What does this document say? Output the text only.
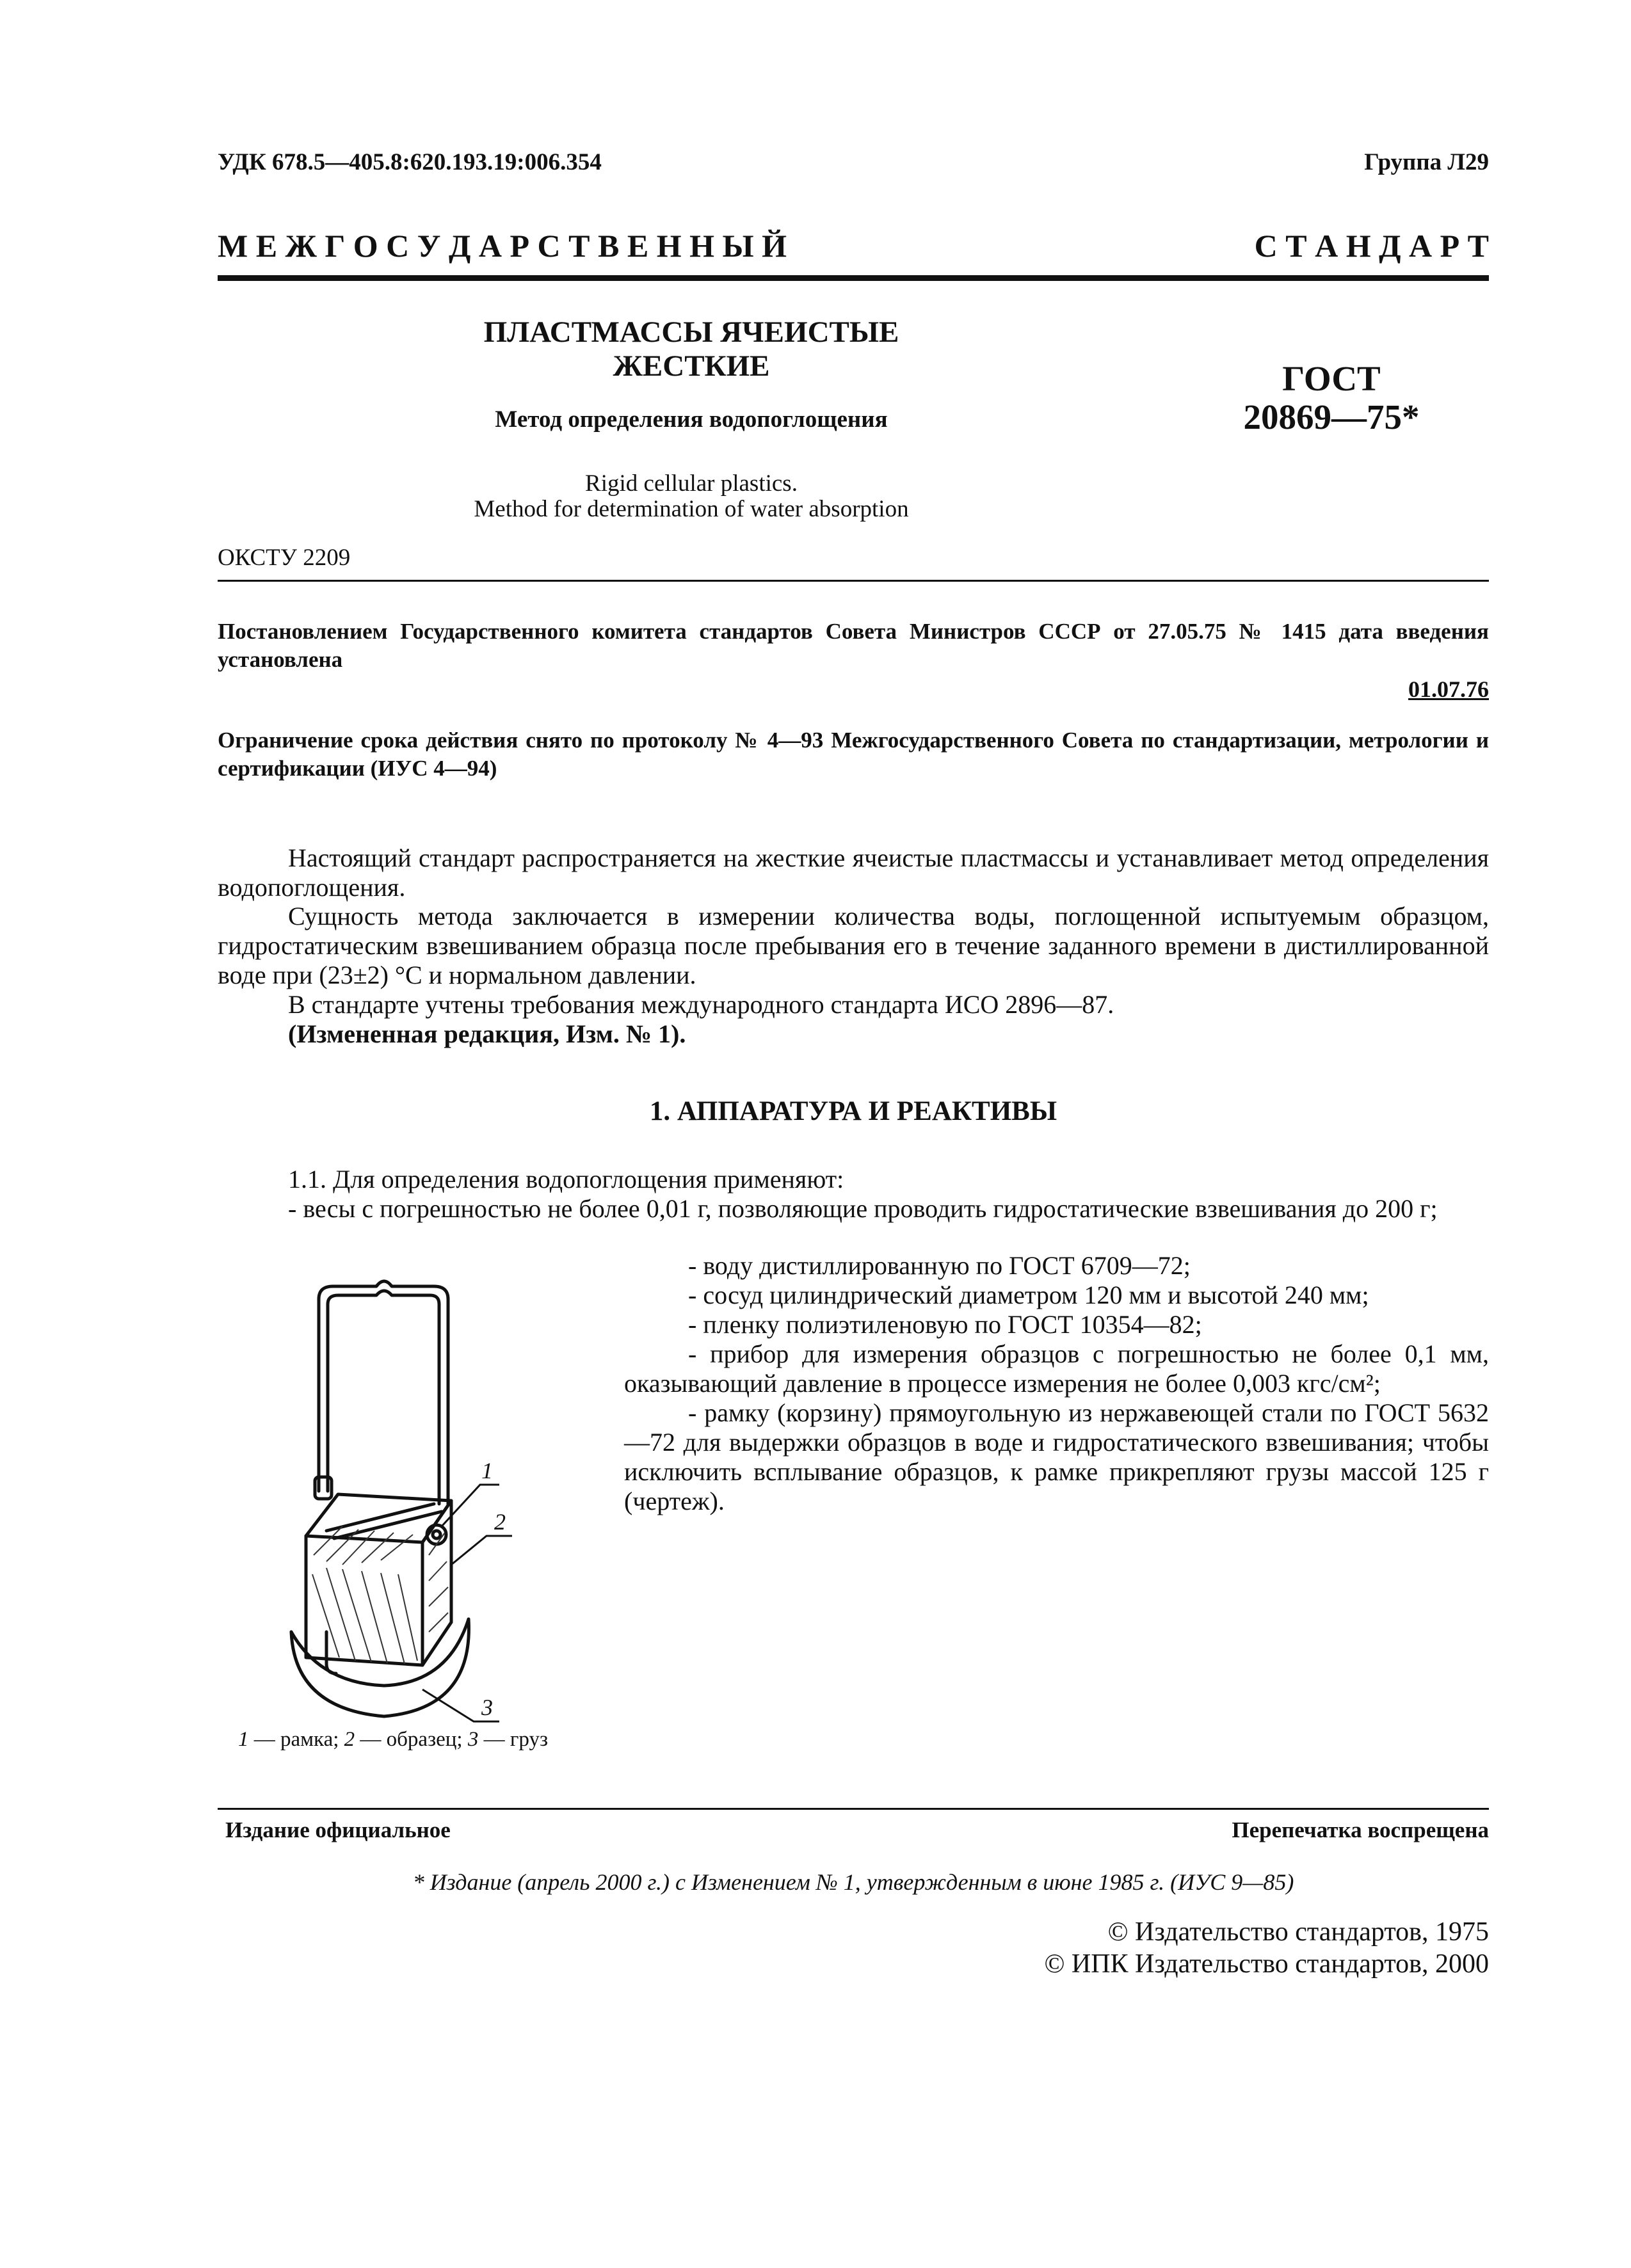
УДК 678.5—405.8:620.193.19:006.354	Группа Л29
М Е Ж Г О С У Д А Р С Т В Е Н Н Ы Й	С Т А Н Д А Р Т
ПЛАСТМАССЫ ЯЧЕИСТЫЕ
ЖЕСТКИЕ
Метод определения водопоглощения
Rigid cellular plastics.
Method for determination of water absorption
ГОСТ
20869—75*
ОКСТУ 2209
Постановлением Государственного комитета стандартов Совета Министров СССР от 27.05.75 № 1415 дата введения установлена
01.07.76
Ограничение срока действия снято по протоколу № 4—93 Межгосударственного Совета по стандартизации, метрологии и сертификации (ИУС 4—94)
Настоящий стандарт распространяется на жесткие ячеистые пластмассы и устанавливает метод определения водопоглощения.
Сущность метода заключается в измерении количества воды, поглощенной испытуемым образцом, гидростатическим взвешиванием образца после пребывания его в течение заданного времени в дистиллированной воде при (23±2) °С и нормальном давлении.
В стандарте учтены требования международного стандарта ИСО 2896—87.
(Измененная редакция, Изм. № 1).
1. АППАРАТУРА И РЕАКТИВЫ
1.1. Для определения водопоглощения применяют:
- весы с погрешностью не более 0,01 г, позволяющие проводить гидростатические взвешивания до 200 г;

- воду дистиллированную по ГОСТ 6709—72;

- сосуд цилиндрический диаметром 120 мм и высотой 240 мм;

- пленку полиэтиленовую по ГОСТ 10354—82;

- прибор для измерения образцов с погрешностью не более 0,1 мм, оказывающий давление в процессе измерения не более 0,003 кгс/см²;

- рамку (корзину) прямоугольную из нержавеющей стали по ГОСТ 5632—72 для выдержки образцов в воде и гидростатического взвешивания; чтобы исключить всплывание образцов, к рамке прикрепляют грузы массой 125 г (чертеж).

1
2
3
1 — рамка; 2 — образец; 3 — груз
Издание официальное	Перепечатка воспрещена
* Издание (апрель 2000 г.) с Изменением № 1, утвержденным в июне 1985 г. (ИУС 9—85)
© Издательство стандартов, 1975
© ИПК Издательство стандартов, 2000
